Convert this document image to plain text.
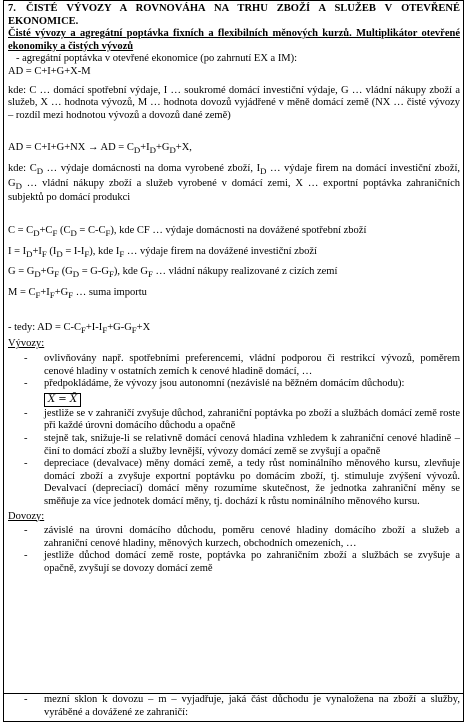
7. ČISTÉ VÝVOZY A ROVNOVÁHA NA TRHU ZBOŽÍ A SLUŽEB V OTEVŘENÉ EKONOMICE.

Čisté vývozy a agregátní poptávka fixních a flexibilních měnových kurzů. Multiplikátor otevřené ekonomiky a čistých vývozů

- agregátní poptávka v otevřené ekonomice (po zahrnutí EX a IM):

AD = C+I+G+X-M

kde: C … domácí spotřební výdaje, I … soukromé domácí investiční výdaje, G … vládní nákupy zboží a služeb, X … hodnota vývozů, M … hodnota dovozů vyjádřené v měně domácí země (NX … čisté vývozy – rozdíl mezi hodnotou vývozů a dovozů dané země)

AD = C+I+G+NX → AD = $C_D+I_D+G_D+X$,

kde: $C_D$ … výdaje domácnosti na doma vyrobené zboží, $I_D$ … výdaje firem na domácí investiční zboží, $G_D$ … vládní nákupy zboží a služeb vyrobené v domácí zemi, X … exportní poptávka zahraničních subjektů po domácí produkci

$C = C_D+C_F$ $(C_D = C-C_F)$, kde CF … výdaje domácnosti na dovážené spotřební zboží

$I = I_D+I_F$ $(I_D = I-I_F)$, kde $I_F$ … výdaje firem na dovážené investiční zboží

$G = G_D+G_F$ $(G_D = G-G_F)$, kde $G_F$ … vládní nákupy realizované z cizích zemí

$M = C_F+I_F+G_F$ … suma importu

- tedy: AD = $C-C_F+I-I_F+G-G_F+X$

Vývozy:

- ovlivňovány např. spotřebními preferencemi, vládní podporou či restrikcí vývozů, poměrem cenové hladiny v ostatních zemích k cenové hladině domácí, …
- předpokládáme, že vývozy jsou autonomní (nezávislé na běžném domácím důchodu):
X = X̄
- jestliže se v zahraničí zvyšuje důchod, zahraniční poptávka po zboží a službách domácí země roste při každé úrovni domácího důchodu a opačně
- stejně tak, snižuje-li se relativně domácí cenová hladina vzhledem k zahraniční cenové hladině – činí to domácí zboží a služby levnější, vývozy domácí země se zvyšují a opačně
- depreciace (devalvace) měny domácí země, a tedy růst nominálního měnového kursu, zlevňuje domácí zboží a zvyšuje exportní poptávku po domácím zboží, tj. stimuluje zvýšení vývozů. Devalvací (depreciací) domácí měny rozumíme skutečnost, že jednotka zahraniční měny se směňuje za více jednotek domácí měny, tj. dochází k růstu nominálního měnového kursu.

Dovozy:

- závislé na úrovni domácího důchodu, poměru cenové hladiny domácího zboží a služeb a zahraniční cenové hladiny, měnových kurzech, obchodních omezeních, …
- jestliže důchod domácí země roste, poptávka po zahraničním zboží a službách se zvyšuje a opačně, zvyšují se dovozy domácí země
- mezní sklon k dovozu – m – vyjadřuje, jaká část důchodu je vynaložena na zboží a služby, vyráběné a dovážené ze zahraničí:
